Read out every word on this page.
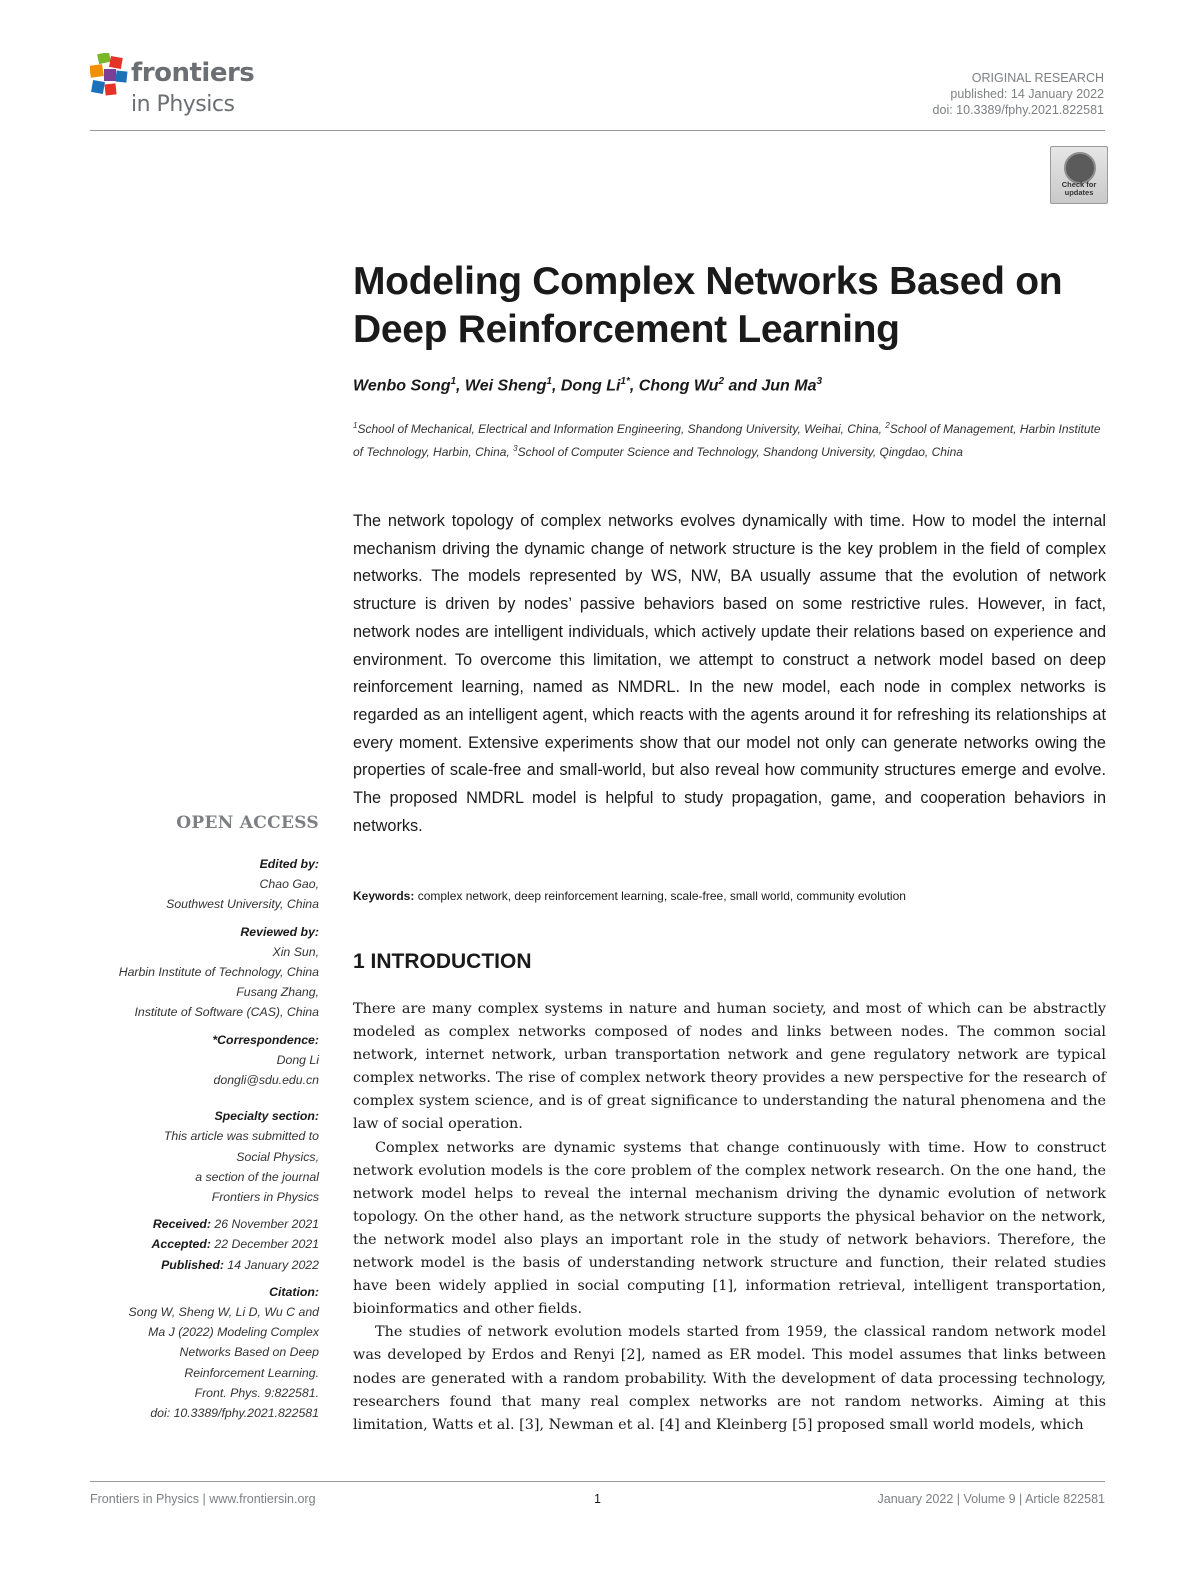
frontiers
in Physics
ORIGINAL RESEARCH
published: 14 January 2022
doi: 10.3389/fphy.2021.822581
Check for updates
Modeling Complex Networks Based on Deep Reinforcement Learning
Wenbo Song$^1$, Wei Sheng$^1$, Dong $Li^{1*}$, Chong Wu$^2$ and Jun Ma$^3$
$^1$School of Mechanical, Electrical and Information Engineering, Shandong University, Weihai, China, $^2$School of Management, Harbin Institute of Technology, Harbin, China, $^3$School of Computer Science and Technology, Shandong University, Qingdao, China

The network topology of complex networks evolves dynamically with time. How to model the internal mechanism driving the dynamic change of network structure is the key problem in the field of complex networks. The models represented by WS, NW, BA usually assume that the evolution of network structure is driven by nodes’ passive behaviors based on some restrictive rules. However, in fact, network nodes are intelligent individuals, which actively update their relations based on experience and environment. To overcome this limitation, we attempt to construct a network model based on deep reinforcement learning, named as NMDRL. In the new model, each node in complex networks is regarded as an intelligent agent, which reacts with the agents around it for refreshing its relationships at every moment. Extensive experiments show that our model not only can generate networks owing the properties of scale-free and small-world, but also reveal how community structures emerge and evolve. The proposed NMDRL model is helpful to study propagation, game, and cooperation behaviors in networks.

Keywords: complex network, deep reinforcement learning, scale-free, small world, community evolution
OPEN ACCESS
Edited by:
Chao Gao,
Southwest University, China
Reviewed by:
Xin Sun,
Harbin Institute of Technology, China
Fusang Zhang,
Institute of Software (CAS), China
*Correspondence:
Dong Li
dongli@sdu.edu.cn
Specialty section:
This article was submitted to
Social Physics,
a section of the journal
Frontiers in Physics
Received: 26 November 2021
Accepted: 22 December 2021
Published: 14 January 2022
Citation:
Song W, Sheng W, Li D, Wu C and
Ma J (2022) Modeling Complex
Networks Based on Deep
Reinforcement Learning.
Front. Phys. 9:822581.
doi: 10.3389/fphy.2021.822581
1 INTRODUCTION

There are many complex systems in nature and human society, and most of which can be abstractly modeled as complex networks composed of nodes and links between nodes. The common social network, internet network, urban transportation network and gene regulatory network are typical complex networks. The rise of complex network theory provides a new perspective for the research of complex system science, and is of great significance to understanding the natural phenomena and the law of social operation.

Complex networks are dynamic systems that change continuously with time. How to construct network evolution models is the core problem of the complex network research. On the one hand, the network model helps to reveal the internal mechanism driving the dynamic evolution of network topology. On the other hand, as the network structure supports the physical behavior on the network, the network model also plays an important role in the study of network behaviors. Therefore, the network model is the basis of understanding network structure and function, their related studies have been widely applied in social computing [1], information retrieval, intelligent transportation, bioinformatics and other fields.

The studies of network evolution models started from 1959, the classical random network model was developed by Erdos and Renyi [2], named as ER model. This model assumes that links between nodes are generated with a random probability. With the development of data processing technology, researchers found that many real complex networks are not random networks. Aiming at this limitation, Watts et al. [3], Newman et al. [4] and Kleinberg [5] proposed small world models, which

Frontiers in Physics | www.frontiersin.org	1	January 2022 | Volume 9 | Article 822581
